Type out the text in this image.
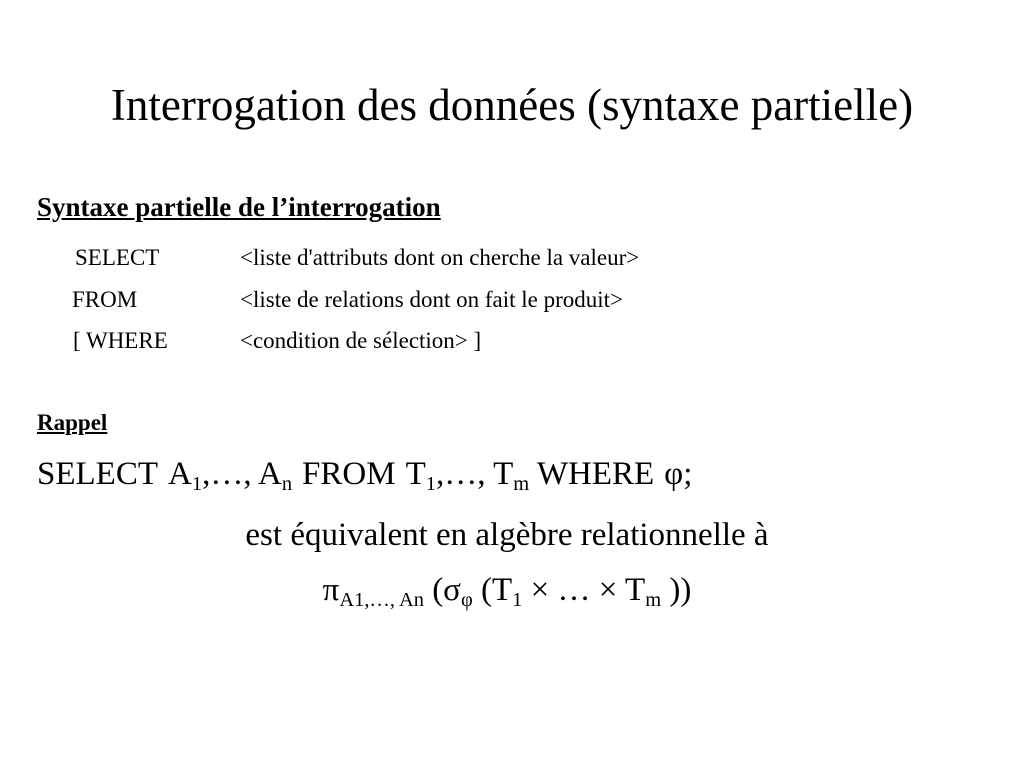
Interrogation des données (syntaxe partielle)
Syntaxe partielle de l’interrogation
SELECT	<liste d'attributs dont on cherche la valeur>
FROM	<liste de relations dont on fait le produit>
[ WHERE	<condition de sélection> ]
Rappel
SELECT $A_1,\dots$, $A_n$ FROM $T_1,\dots$, $T_m$ WHERE φ;
est équivalent en algèbre relationnelle à
$\pi_{A1,\dots, An}$ ($\sigma_\varphi$ ($T_1$ × … × $T_m$ ))
